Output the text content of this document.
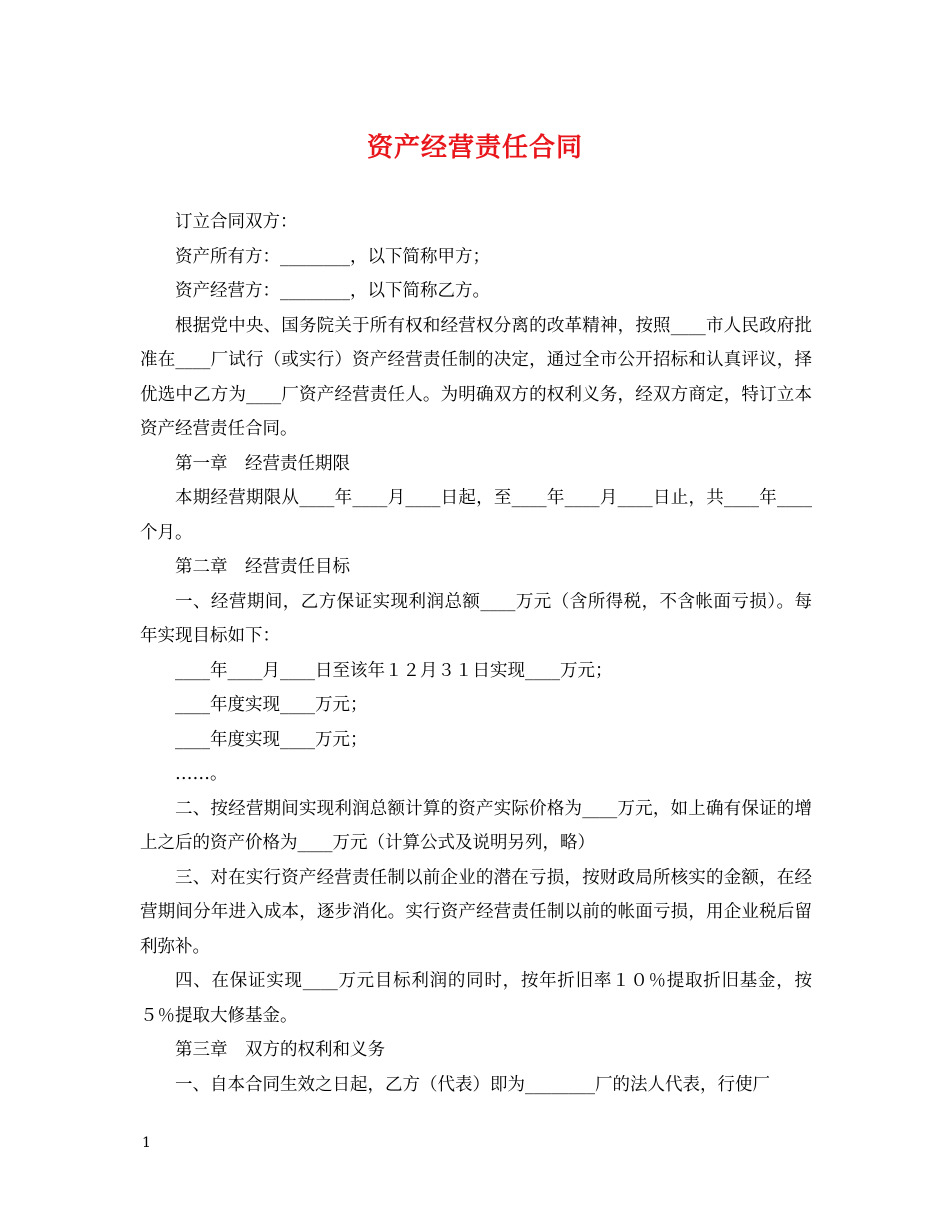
资产经营责任合同

订立合同双方：

资产所有方：________，以下简称甲方；

资产经营方：________，以下简称乙方。

根据党中央、国务院关于所有权和经营权分离的改革精神，按照____市人民政府批准在____厂试行（或实行）资产经营责任制的决定，通过全市公开招标和认真评议，择优选中乙方为____厂资产经营责任人。为明确双方的权利义务，经双方商定，特订立本资产经营责任合同。

第一章　经营责任期限

本期经营期限从____年____月____日起，至____年____月____日止，共____年____个月。

第二章　经营责任目标

一、经营期间，乙方保证实现利润总额____万元（含所得税，不含帐面亏损）。每年实现目标如下：

____年____月____日至该年１２月３１日实现____万元；

____年度实现____万元；

____年度实现____万元；

……。

二、按经营期间实现利润总额计算的资产实际价格为____万元，如上确有保证的增上之后的资产价格为____万元（计算公式及说明另列，略）

三、对在实行资产经营责任制以前企业的潜在亏损，按财政局所核实的金额，在经营期间分年进入成本，逐步消化。实行资产经营责任制以前的帐面亏损，用企业税后留利弥补。

四、在保证实现____万元目标利润的同时，按年折旧率１０％提取折旧基金，按５％提取大修基金。

第三章　双方的权利和义务

一、自本合同生效之日起，乙方（代表）即为________厂的法人代表，行使厂

1
